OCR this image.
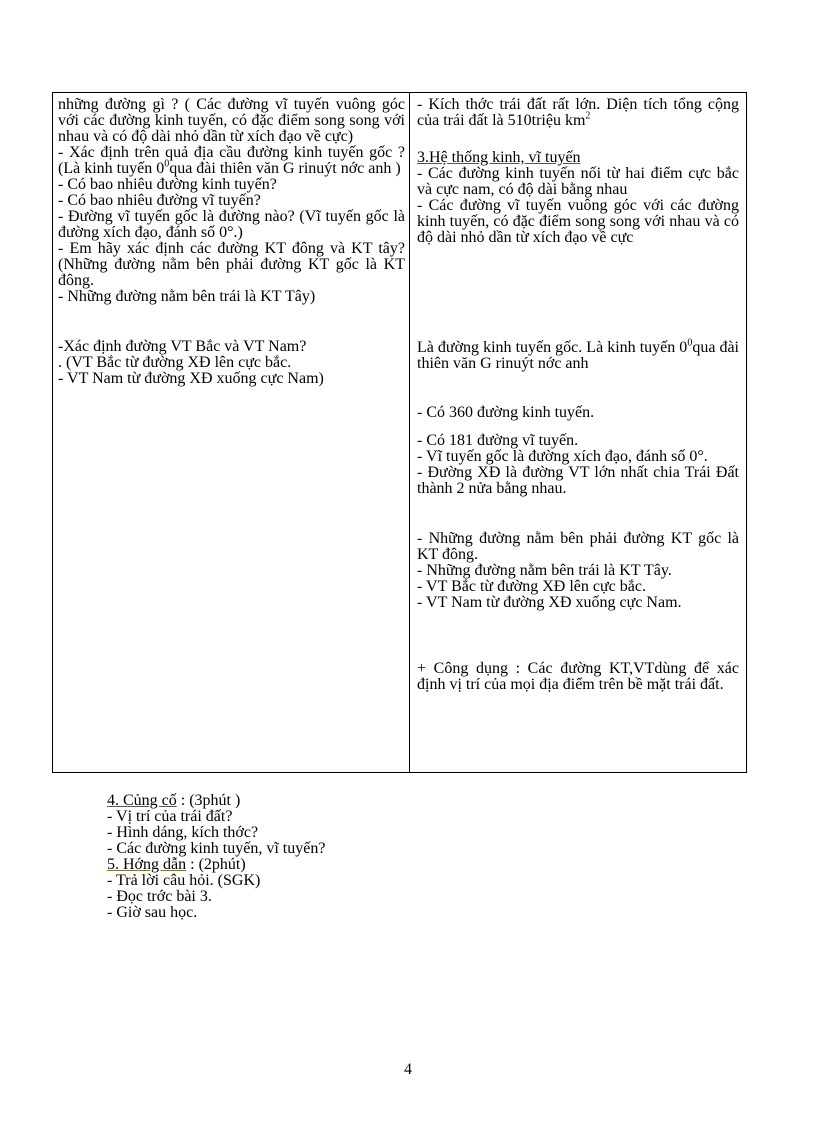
những đường gì ? ( Các đường vĩ tuyến vuông góc với các đường kinh tuyến, có đặc điểm song song với nhau và có độ dài nhỏ dần từ xích đạo về cực)

- Xác định trên quả địa cầu đường kinh tuyến gốc ?(Là kinh tuyến $0^0qua$ đài thiên văn G rinuýt nớc anh )

- Có bao nhiêu đường kinh tuyến?

- Có bao nhiêu đường vĩ tuyến?

- Đường vĩ tuyến gốc là đường nào? (Vĩ tuyến gốc là đường xích đạo, đánh số 0°.)

- Em hãy xác định các đường KT đông và KT tây?(Những đường nằm bên phải đường KT gốc là KT đông.

- Những đường nằm bên trái là KT Tây)

-Xác định đường VT Bắc và VT Nam?

. (VT Bắc từ đường XĐ lên cực bắc.

- VT Nam từ đường XĐ xuống cực Nam)

- Kích thớc trái đất rất lớn. Diện tích tổng cộng của trái đất là 510triệu $km^2$

3.Hệ thống kinh, vĩ tuyến

- Các đường kinh tuyến nối từ hai điểm cực bắc và cực nam, có độ dài bằng nhau

- Các đường vĩ tuyến vuông góc với các đường kinh tuyến, có đặc điểm song song với nhau và có độ dài nhỏ dần từ xích đạo về cực

Là đường kinh tuyến gốc. Là kinh tuyến $0^0qua$ đài thiên văn G rinuýt nớc anh

- Có 360 đường kinh tuyến.

- Có 181 đường vĩ tuyến.

- Vĩ tuyến gốc là đường xích đạo, đánh số 0°.

- Đường XĐ là đường VT lớn nhất chia Trái Đất thành 2 nửa bằng nhau.

- Những đường nằm bên phải đường KT gốc là KT đông.

- Những đường nằm bên trái là KT Tây.

- VT Bắc từ đường XĐ lên cực bắc.

- VT Nam từ đường XĐ xuống cực Nam.

+ Công dụng : Các đường KT,VTdùng để xác định vị trí của mọi địa điểm trên bề mặt trái đất.

4. Củng cố : (3phút )
- Vị trí của trái đất?
- Hình dáng, kích thớc?
- Các đường kinh tuyến, vĩ tuyến?
5. Hớng dẫn : (2phút)
- Trả lời câu hỏi. (SGK)
- Đọc trớc bài 3.
- Giờ sau học.
4
